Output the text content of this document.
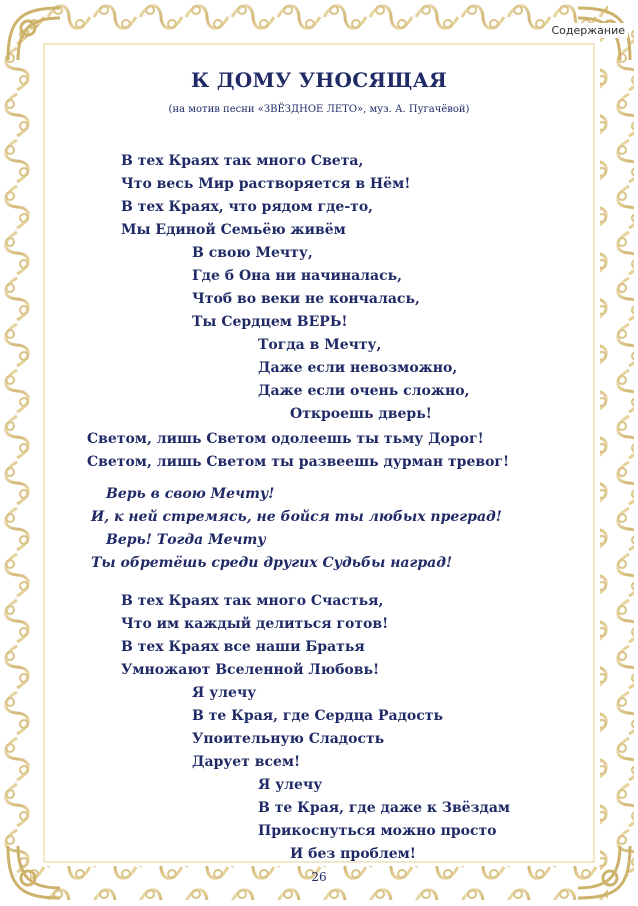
Содержание
К ДОМУ УНОСЯЩАЯ
(на мотив песни «ЗВЁЗДНОЕ ЛЕТО», муз. А. Пугачёвой)
В тех Краях так много Света,
Что весь Мир растворяется в Нём!
В тех Краях, что рядом где-то,
Мы Единой Семьёю живём
В свою Мечту,
Где б Она ни начиналась,
Чтоб во веки не кончалась,
Ты Сердцем ВЕРЬ!
Тогда в Мечту,
Даже если невозможно,
Даже если очень сложно,
Откроешь дверь!
Светом, лишь Светом одолеешь ты тьму Дорог!
Светом, лишь Светом ты развеешь дурман тревог!
Верь в свою Мечту!
И, к ней стремясь, не бойся ты любых преград!
Верь! Тогда Мечту
Ты обретёшь среди других Судьбы наград!
В тех Краях так много Счастья,
Что им каждый делиться готов!
В тех Краях все наши Братья
Умножают Вселенной Любовь!
Я улечу
В те Края, где Сердца Радость
Упоительную Сладость
Дарует всем!
Я улечу
В те Края, где даже к Звёздам
Прикоснуться можно просто
И без проблем!
26
